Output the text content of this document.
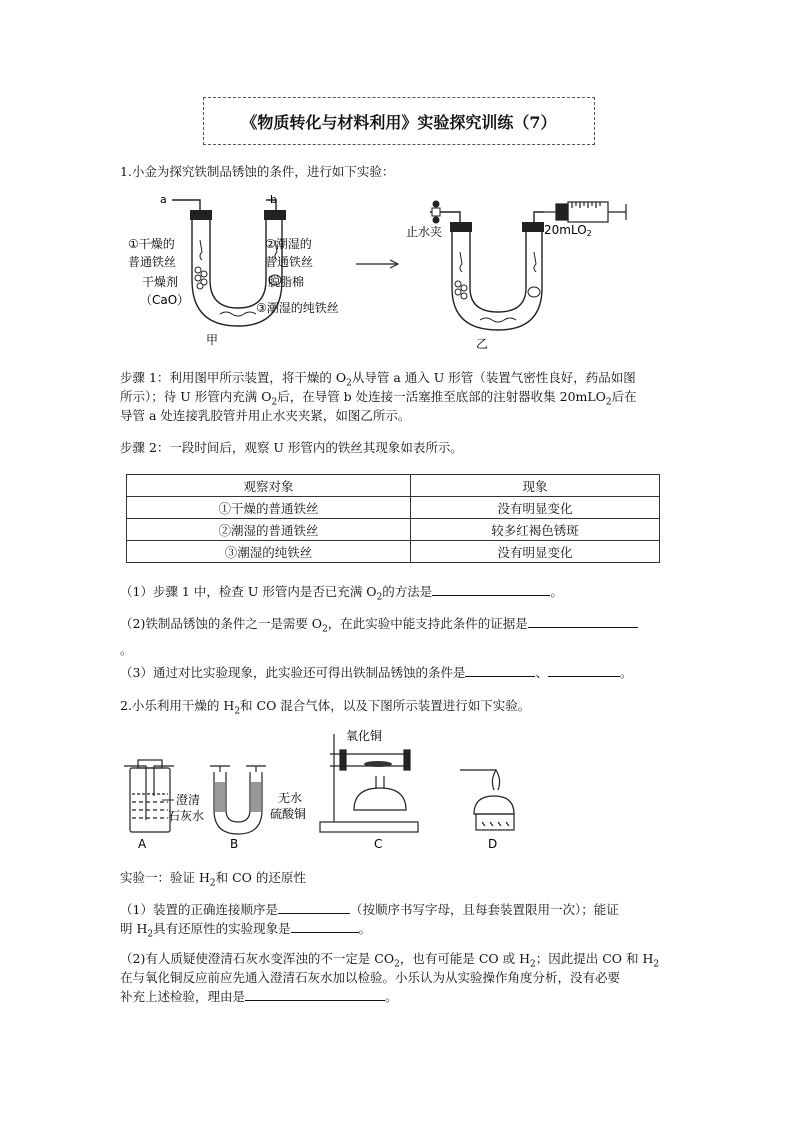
《物质转化与材料利用》实验探究训练（7）
1.小金为探究铁制品锈蚀的条件，进行如下实验：
a	b
①干燥的
普通铁丝
干燥剂
（CaO）
②潮湿的
普通铁丝
脱脂棉
③潮湿的纯铁丝
甲
止水夹	20mLO2
乙
步骤 1：利用图甲所示装置，将干燥的 $O_2$从导管 a 通入 U 形管（装置气密性良好，药品如图
所示）；待 U 形管内充满 $O_2$后，在导管 b 处连接一活塞推至底部的注射器收集 20mLO$_2$后在
导管 a 处连接乳胶管并用止水夹夹紧，如图乙所示。
步骤 2：一段时间后，观察 U 形管内的铁丝其现象如表所示。
观察对象	现象
①干燥的普通铁丝	没有明显变化
②潮湿的普通铁丝	较多红褐色锈斑
③潮湿的纯铁丝	没有明显变化
（1）步骤 1 中，检查 U 形管内是否已充满 $O_2$的方法是	。
（2)铁制品锈蚀的条件之一是需要 $O_2$，在此实验中能支持此条件的证据是
。
（3）通过对比实验现象，此实验还可得出铁制品锈蚀的条件是	、	。
2.小乐利用干燥的 $H_2$和 CO 混合气体，以及下图所示装置进行如下实验。
澄清
石灰水
A
无水
硫酸铜
B
氧化铜
C	D
实验一：验证 $H_2$和 CO 的还原性
（1）装置的正确连接顺序是	（按顺序书写字母，且每套装置限用一次）；能证
明 $H_2$具有还原性的实验现象是	。
（2)有人质疑使澄清石灰水变浑浊的不一定是 $CO_2$，也有可能是 CO 或 $H_2$；因此提出 CO 和 $H_2$
在与氧化铜反应前应先通入澄清石灰水加以检验。小乐认为从实验操作角度分析，没有必要
补充上述检验，理由是	。
